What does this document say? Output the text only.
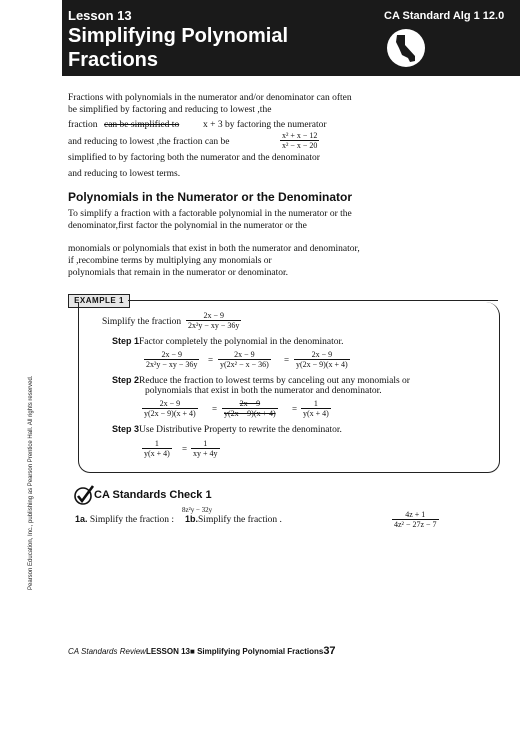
Lesson 13
Simplifying Polynomial
Fractions
CA Standard Alg 1 12.0
Fractions with polynomials in the numerator and/or denominator can often
be simplified by factoring and reducing to lowest ,the
fraction can be simplified to	x + 3 by factoring the numerator
and reducing to lowest ,the fraction can be	$\frac{\text{x² + x − 12}}{\text{x² − x − 20}}$
simplified to by factoring both the numerator and the denominator
and reducing to lowest terms.
Polynomials in the Numerator or the Denominator
To simplify a fraction with a factorable polynomial in the numerator or the
denominator,first factor the polynomial in the numerator or the
monomials or polynomials that exist in both the numerator and denominator,
if ,recombine terms by multiplying any monomials or
polynomials that remain in the numerator or denominator.
EXAMPLE 1
Simplify the fraction $\frac{2x - 9}{\text{2x²y − xy − 36y}}$
Step 1Factor completely the polynomial in the denominator.
$\frac{2x - 9}{\text{2x²y − xy − 36y}} = \frac{2x - 9}{\text{y(2x² − x − 36)}} = \frac{2x - 9}{y(2x - 9)(x + 4)}$
Step 2Reduce the fraction to lowest terms by canceling out any monomials or
polynomials that exist in both the numerator and denominator.
$\frac{2x - 9}{y(2x - 9)(x + 4)} = \frac{2x - 9}{y(2x - 9)(x + 4)} = \frac{1}{y(x + 4)}$
Step 3Use Distributive Property to rewrite the denominator.
$\frac{1}{y(x + 4)} = \frac{1}{xy + 4y}$
CA Standards Check 1
1a. Simplify the fraction :
8z²y − 32y
1b.Simplify the fraction .	$\frac{4z + 1}{\text{4z² − 27z − 7}}$
Pearson Education, Inc., publishing as Pearson Prentice Hall. All rights reserved.
CA Standards ReviewLESSON 13■ Simplifying Polynomial Fractions37
